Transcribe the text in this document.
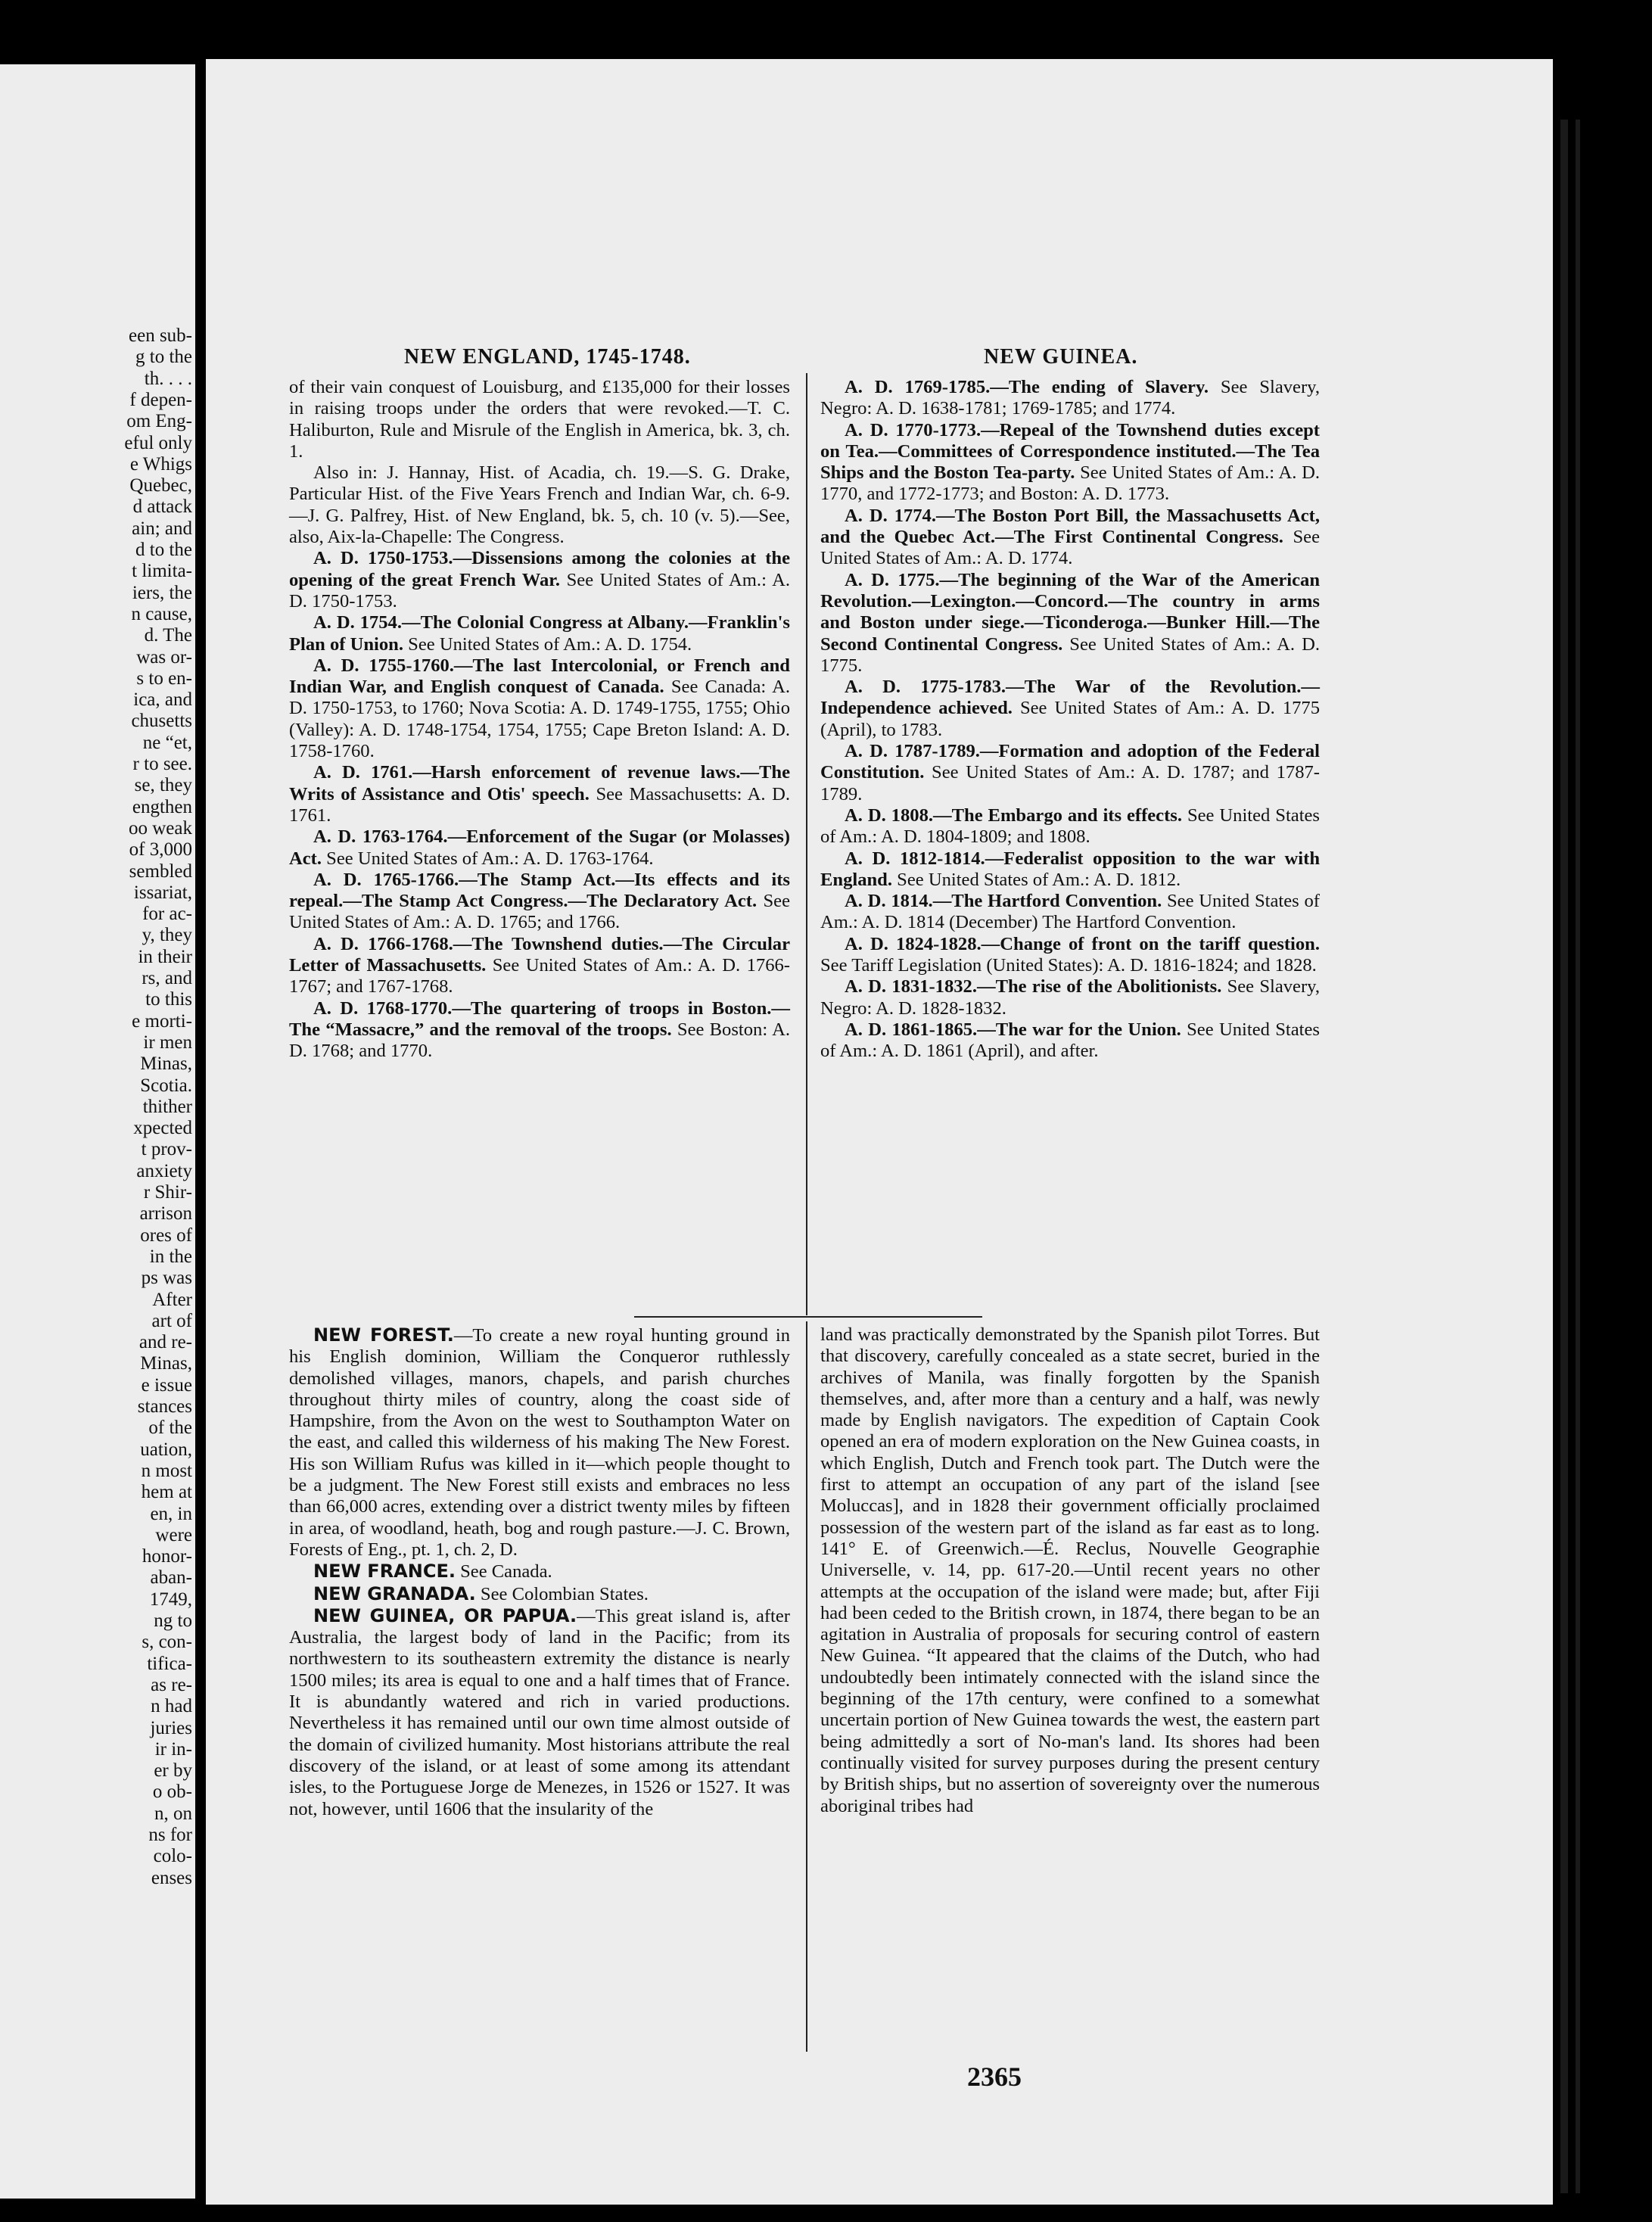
een sub-
g to the
th. . . .
f depen-
om Eng-
eful only
e Whigs
Quebec,
d attack
ain; and
d to the
t limita-
iers, the
n cause,
d. The
was or-
s to en-
ica, and
chusetts
ne “et,
r to see.
se, they
engthen
oo weak
of 3,000
sembled
issariat,
for ac-
y, they
in their
rs, and
to this
e morti-
ir men
Minas,
Scotia.
thither
xpected
t prov-
anxiety
r Shir-
arrison
ores of
in the
ps was
After
art of
and re-
Minas,
e issue
stances
of the
uation,
n most
hem at
en, in
were
honor-
aban-
1749,
ng to
s, con-
tifica-
as re-
n had
juries
ir in-
er by
o ob-
n, on
ns for
colo-
enses
NEW ENGLAND, 1745-1748.	NEW GUINEA.

of their vain conquest of Louisburg, and £135,000 for their losses in raising troops under the orders that were revoked.—T. C. Haliburton, Rule and Misrule of the English in America, bk. 3, ch. 1.

Also in: J. Hannay, Hist. of Acadia, ch. 19.—S. G. Drake, Particular Hist. of the Five Years French and Indian War, ch. 6-9.—J. G. Palfrey, Hist. of New England, bk. 5, ch. 10 (v. 5).—See, also, Aix-la-Chapelle: The Congress.

A. D. 1750-1753.—Dissensions among the colonies at the opening of the great French War. See United States of Am.: A. D. 1750-1753.

A. D. 1754.—The Colonial Congress at Albany.—Franklin's Plan of Union. See United States of Am.: A. D. 1754.

A. D. 1755-1760.—The last Intercolonial, or French and Indian War, and English conquest of Canada. See Canada: A. D. 1750-1753, to 1760; Nova Scotia: A. D. 1749-1755, 1755; Ohio (Valley): A. D. 1748-1754, 1754, 1755; Cape Breton Island: A. D. 1758-1760.

A. D. 1761.—Harsh enforcement of revenue laws.—The Writs of Assistance and Otis' speech. See Massachusetts: A. D. 1761.

A. D. 1763-1764.—Enforcement of the Sugar (or Molasses) Act. See United States of Am.: A. D. 1763-1764.

A. D. 1765-1766.—The Stamp Act.—Its effects and its repeal.—The Stamp Act Congress.—The Declaratory Act. See United States of Am.: A. D. 1765; and 1766.

A. D. 1766-1768.—The Townshend duties.—The Circular Letter of Massachusetts. See United States of Am.: A. D. 1766-1767; and 1767-1768.

A. D. 1768-1770.—The quartering of troops in Boston.—The “Massacre,” and the removal of the troops. See Boston: A. D. 1768; and 1770.

A. D. 1769-1785.—The ending of Slavery. See Slavery, Negro: A. D. 1638-1781; 1769-1785; and 1774.

A. D. 1770-1773.—Repeal of the Townshend duties except on Tea.—Committees of Correspondence instituted.—The Tea Ships and the Boston Tea-party. See United States of Am.: A. D. 1770, and 1772-1773; and Boston: A. D. 1773.

A. D. 1774.—The Boston Port Bill, the Massachusetts Act, and the Quebec Act.—The First Continental Congress. See United States of Am.: A. D. 1774.

A. D. 1775.—The beginning of the War of the American Revolution.—Lexington.—Concord.—The country in arms and Boston under siege.—Ticonderoga.—Bunker Hill.—The Second Continental Congress. See United States of Am.: A. D. 1775.

A. D. 1775-1783.—The War of the Revolution.—Independence achieved. See United States of Am.: A. D. 1775 (April), to 1783.

A. D. 1787-1789.—Formation and adoption of the Federal Constitution. See United States of Am.: A. D. 1787; and 1787-1789.

A. D. 1808.—The Embargo and its effects. See United States of Am.: A. D. 1804-1809; and 1808.

A. D. 1812-1814.—Federalist opposition to the war with England. See United States of Am.: A. D. 1812.

A. D. 1814.—The Hartford Convention. See United States of Am.: A. D. 1814 (December) The Hartford Convention.

A. D. 1824-1828.—Change of front on the tariff question. See Tariff Legislation (United States): A. D. 1816-1824; and 1828.

A. D. 1831-1832.—The rise of the Abolitionists. See Slavery, Negro: A. D. 1828-1832.

A. D. 1861-1865.—The war for the Union. See United States of Am.: A. D. 1861 (April), and after.

NEW FOREST.—To create a new royal hunting ground in his English dominion, William the Conqueror ruthlessly demolished villages, manors, chapels, and parish churches throughout thirty miles of country, along the coast side of Hampshire, from the Avon on the west to Southampton Water on the east, and called this wilderness of his making The New Forest. His son William Rufus was killed in it—which people thought to be a judgment. The New Forest still exists and embraces no less than 66,000 acres, extending over a district twenty miles by fifteen in area, of woodland, heath, bog and rough pasture.—J. C. Brown, Forests of Eng., pt. 1, ch. 2, D.

NEW FRANCE. See Canada.

NEW GRANADA. See Colombian States.

NEW GUINEA, OR PAPUA.—This great island is, after Australia, the largest body of land in the Pacific; from its northwestern to its southeastern extremity the distance is nearly 1500 miles; its area is equal to one and a half times that of France. It is abundantly watered and rich in varied productions. Nevertheless it has remained until our own time almost outside of the domain of civilized humanity. Most historians attribute the real discovery of the island, or at least of some among its attendant isles, to the Portuguese Jorge de Menezes, in 1526 or 1527. It was not, however, until 1606 that the insularity of the

land was practically demonstrated by the Spanish pilot Torres. But that discovery, carefully concealed as a state secret, buried in the archives of Manila, was finally forgotten by the Spanish themselves, and, after more than a century and a half, was newly made by English navigators. The expedition of Captain Cook opened an era of modern exploration on the New Guinea coasts, in which English, Dutch and French took part. The Dutch were the first to attempt an occupation of any part of the island [see Moluccas], and in 1828 their government officially proclaimed possession of the western part of the island as far east as to long. 141° E. of Greenwich.—É. Reclus, Nouvelle Geographie Universelle, v. 14, pp. 617-20.—Until recent years no other attempts at the occupation of the island were made; but, after Fiji had been ceded to the British crown, in 1874, there began to be an agitation in Australia of proposals for securing control of eastern New Guinea. “It appeared that the claims of the Dutch, who had undoubtedly been intimately connected with the island since the beginning of the 17th century, were confined to a somewhat uncertain portion of New Guinea towards the west, the eastern part being admittedly a sort of No-man's land. Its shores had been continually visited for survey purposes during the present century by British ships, but no assertion of sovereignty over the numerous aboriginal tribes had

2365
